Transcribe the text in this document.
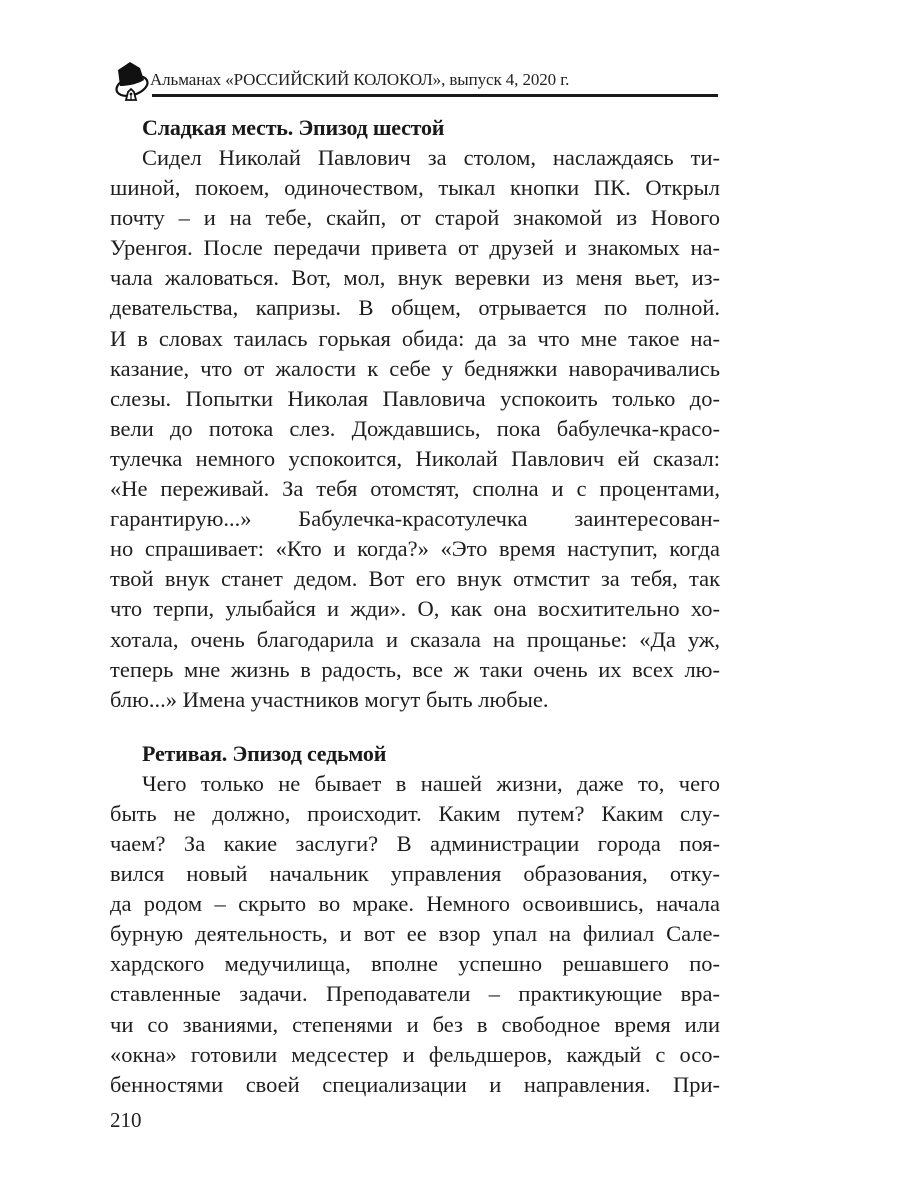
Альманах «РОССИЙСКИЙ КОЛОКОЛ», выпуск 4, 2020 г.
Сладкая месть. Эпизод шестой

Сидел Николай Павлович за столом, наслаждаясь ти-
шиной, покоем, одиночеством, тыкал кнопки ПК. Открыл
почту – и на тебе, скайп, от старой знакомой из Нового
Уренгоя. После передачи привета от друзей и знакомых на-
чала жаловаться. Вот, мол, внук веревки из меня вьет, из-
девательства, капризы. В общем, отрывается по полной.
И в словах таилась горькая обида: да за что мне такое на-
казание, что от жалости к себе у бедняжки наворачивались
слезы. Попытки Николая Павловича успокоить только до-
вели до потока слез. Дождавшись, пока бабулечка-красо-
тулечка немного успокоится, Николай Павлович ей сказал:
«Не переживай. За тебя отомстят, сполна и с процентами,
гарантирую...» Бабулечка-красотулечка заинтересован-
но спрашивает: «Кто и когда?» «Это время наступит, когда
твой внук станет дедом. Вот его внук отмстит за тебя, так
что терпи, улыбайся и жди». О, как она восхитительно хо-
хотала, очень благодарила и сказала на прощанье: «Да уж,
теперь мне жизнь в радость, все ж таки очень их всех лю-
блю...» Имена участников могут быть любые.

Ретивая. Эпизод седьмой

Чего только не бывает в нашей жизни, даже то, чего
быть не должно, происходит. Каким путем? Каким слу-
чаем? За какие заслуги? В администрации города поя-
вился новый начальник управления образования, отку-
да родом – скрыто во мраке. Немного освоившись, начала
бурную деятельность, и вот ее взор упал на филиал Сале-
хардского медучилища, вполне успешно решавшего по-
ставленные задачи. Преподаватели – практикующие вра-
чи со званиями, степенями и без в свободное время или
«окна» готовили медсестер и фельдшеров, каждый с осо-
бенностями своей специализации и направления. При-

210
